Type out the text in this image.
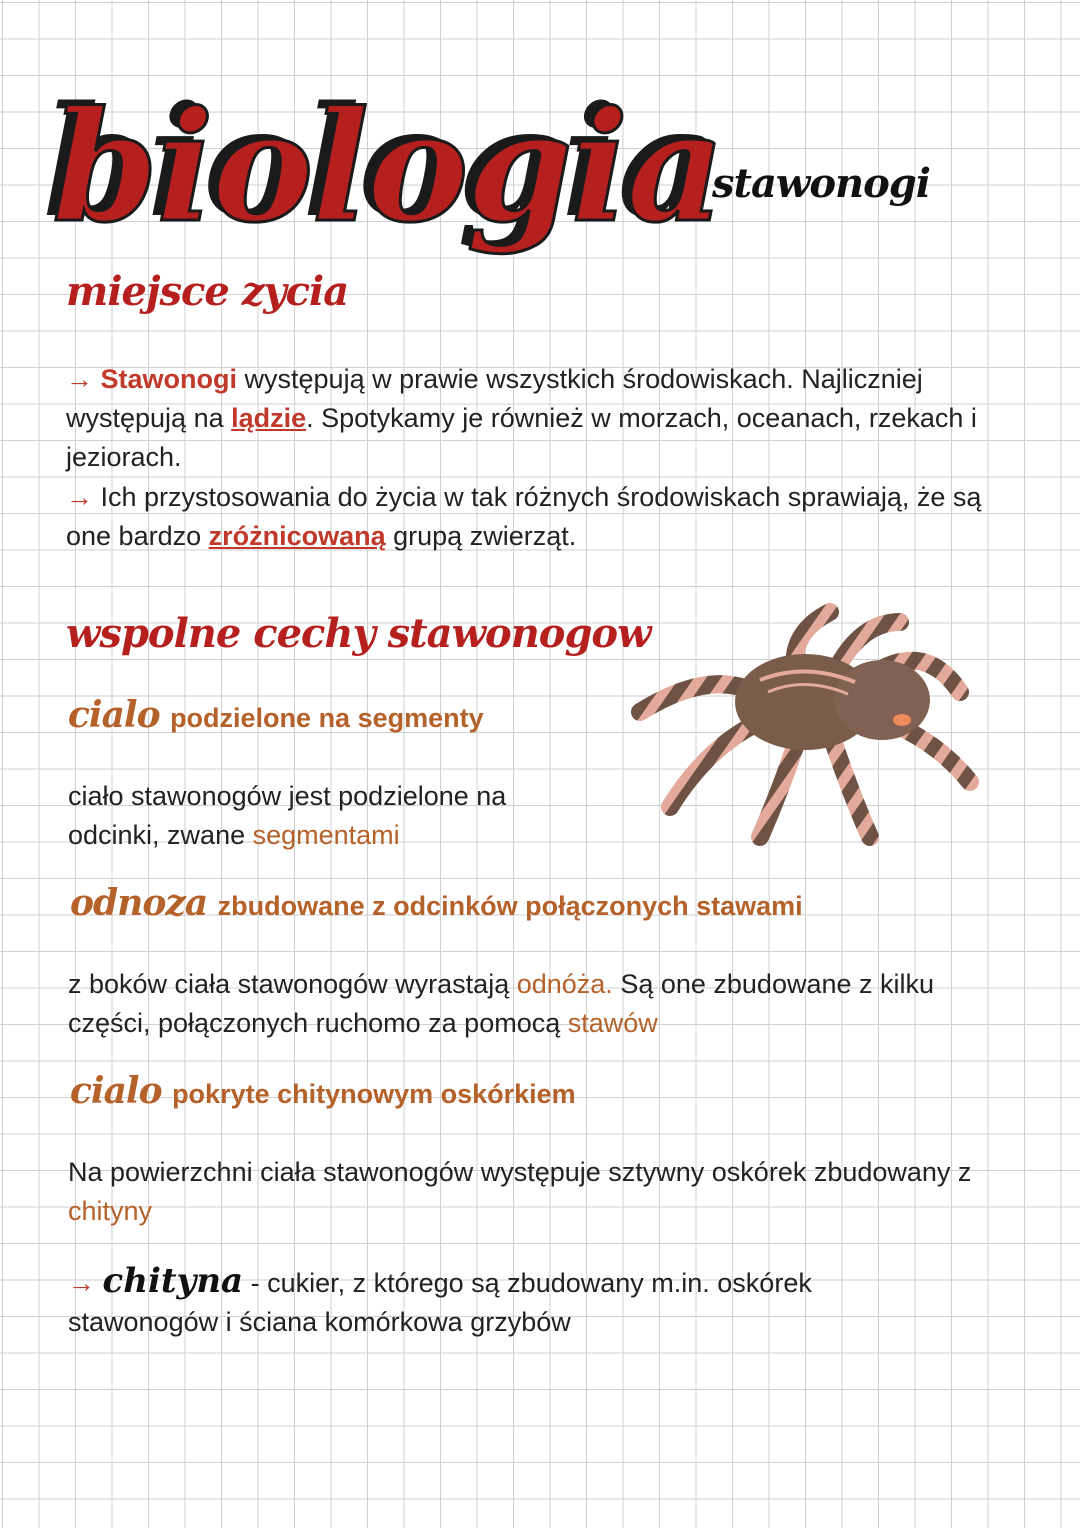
biologia
stawonogi
miejsce zycia
→ Stawonogi występują w prawie wszystkich środowiskach. Najliczniej występują na lądzie. Spotykamy je również w morzach, oceanach, rzekach i jeziorach.
→ Ich przystosowania do życia w tak różnych środowiskach sprawiają, że są one bardzo zróżnicowaną grupą zwierząt.
wspolne cechy stawonogow
cialo podzielone na segmenty
ciało stawonogów jest podzielone na odcinki, zwane segmentami
odnoza zbudowane z odcinków połączonych stawami
z boków ciała stawonogów wyrastają odnóża. Są one zbudowane z kilku części, połączonych ruchomo za pomocą stawów
cialo pokryte chitynowym oskórkiem
Na powierzchni ciała stawonogów występuje sztywny oskórek zbudowany z chityny
→ chityna - cukier, z którego są zbudowany m.in. oskórek stawonogów i ściana komórkowa grzybów
